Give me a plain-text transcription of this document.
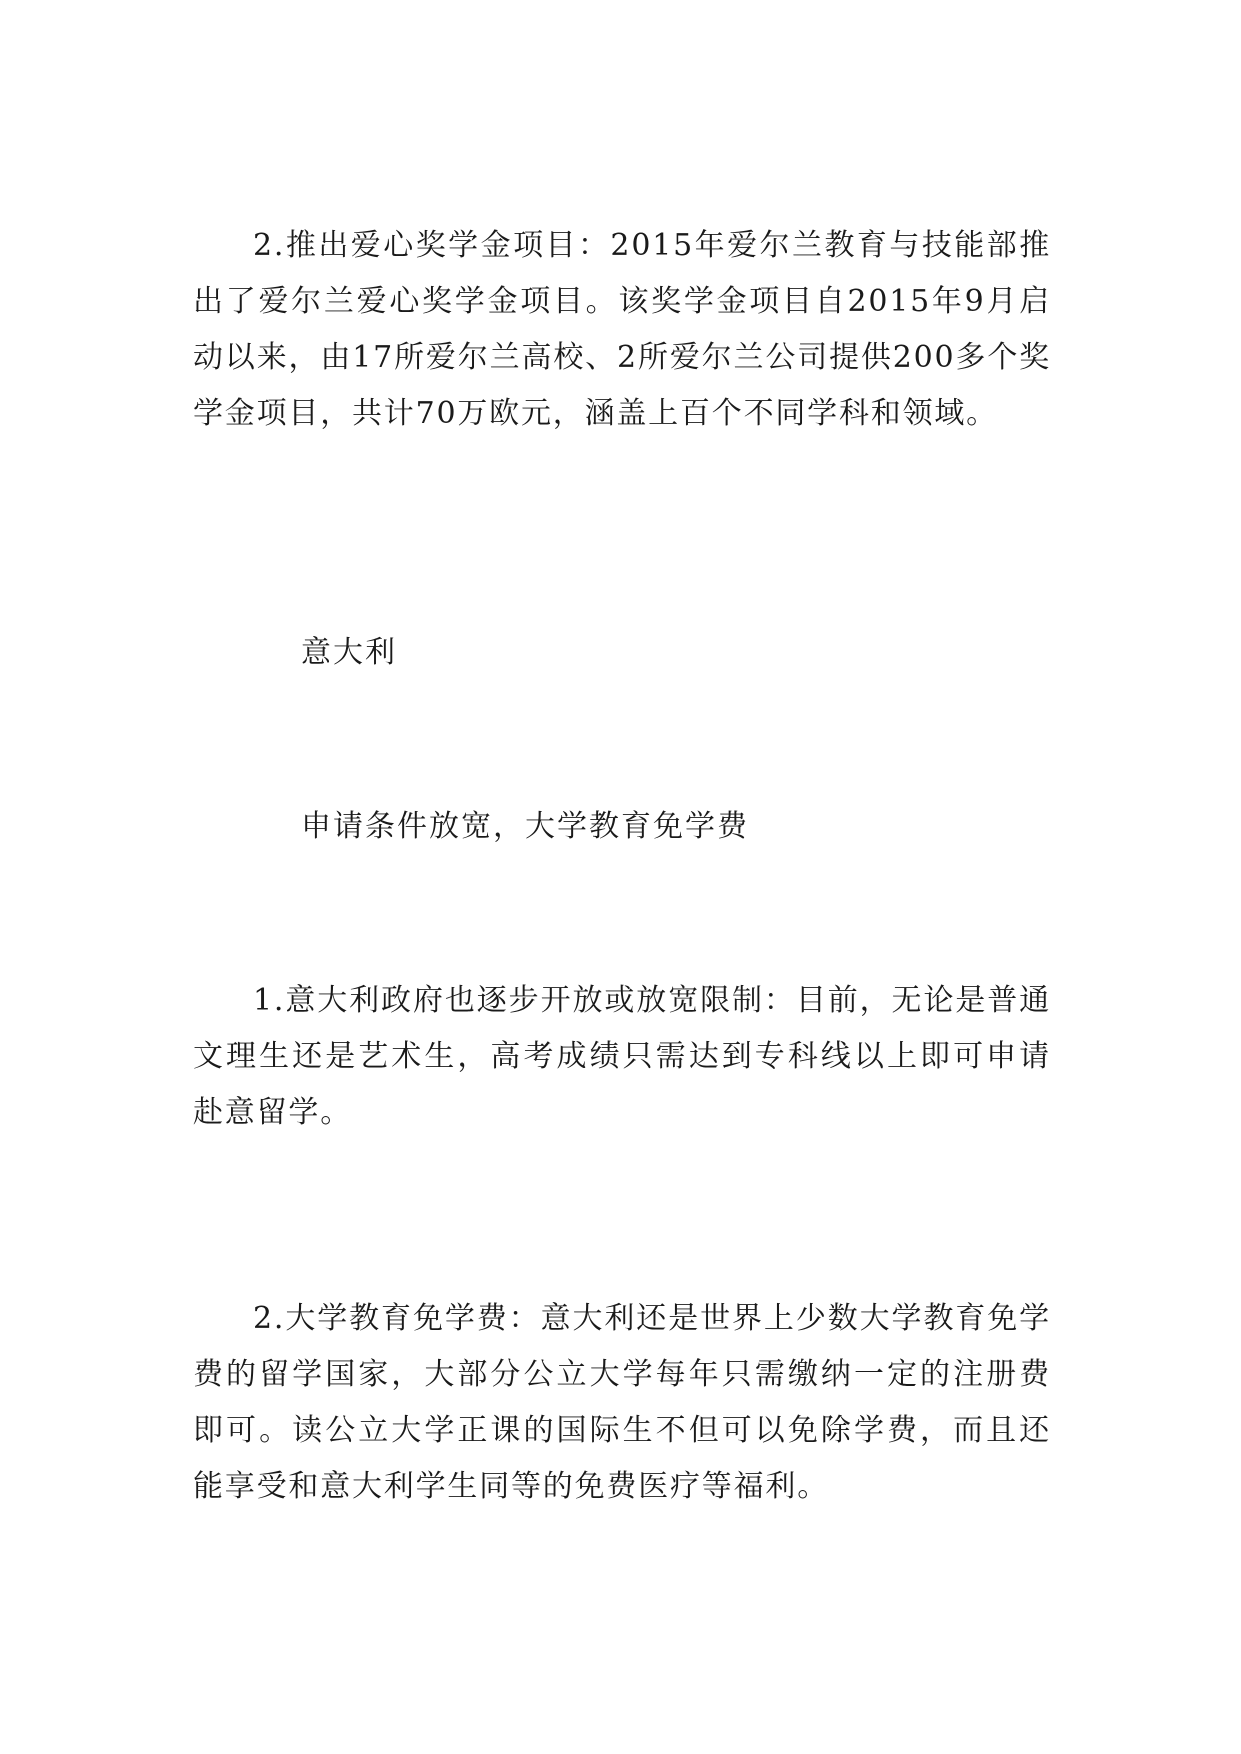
2.推出爱心奖学金项目：2015年爱尔兰教育与技能部推出了爱尔兰爱心奖学金项目。该奖学金项目自2015年9月启动以来，由17所爱尔兰高校、2所爱尔兰公司提供200多个奖学金项目，共计70万欧元，涵盖上百个不同学科和领域。

意大利

申请条件放宽，大学教育免学费

1.意大利政府也逐步开放或放宽限制：目前，无论是普通文理生还是艺术生，高考成绩只需达到专科线以上即可申请赴意留学。

2.大学教育免学费：意大利还是世界上少数大学教育免学费的留学国家，大部分公立大学每年只需缴纳一定的注册费即可。读公立大学正课的国际生不但可以免除学费，而且还能享受和意大利学生同等的免费医疗等福利。
